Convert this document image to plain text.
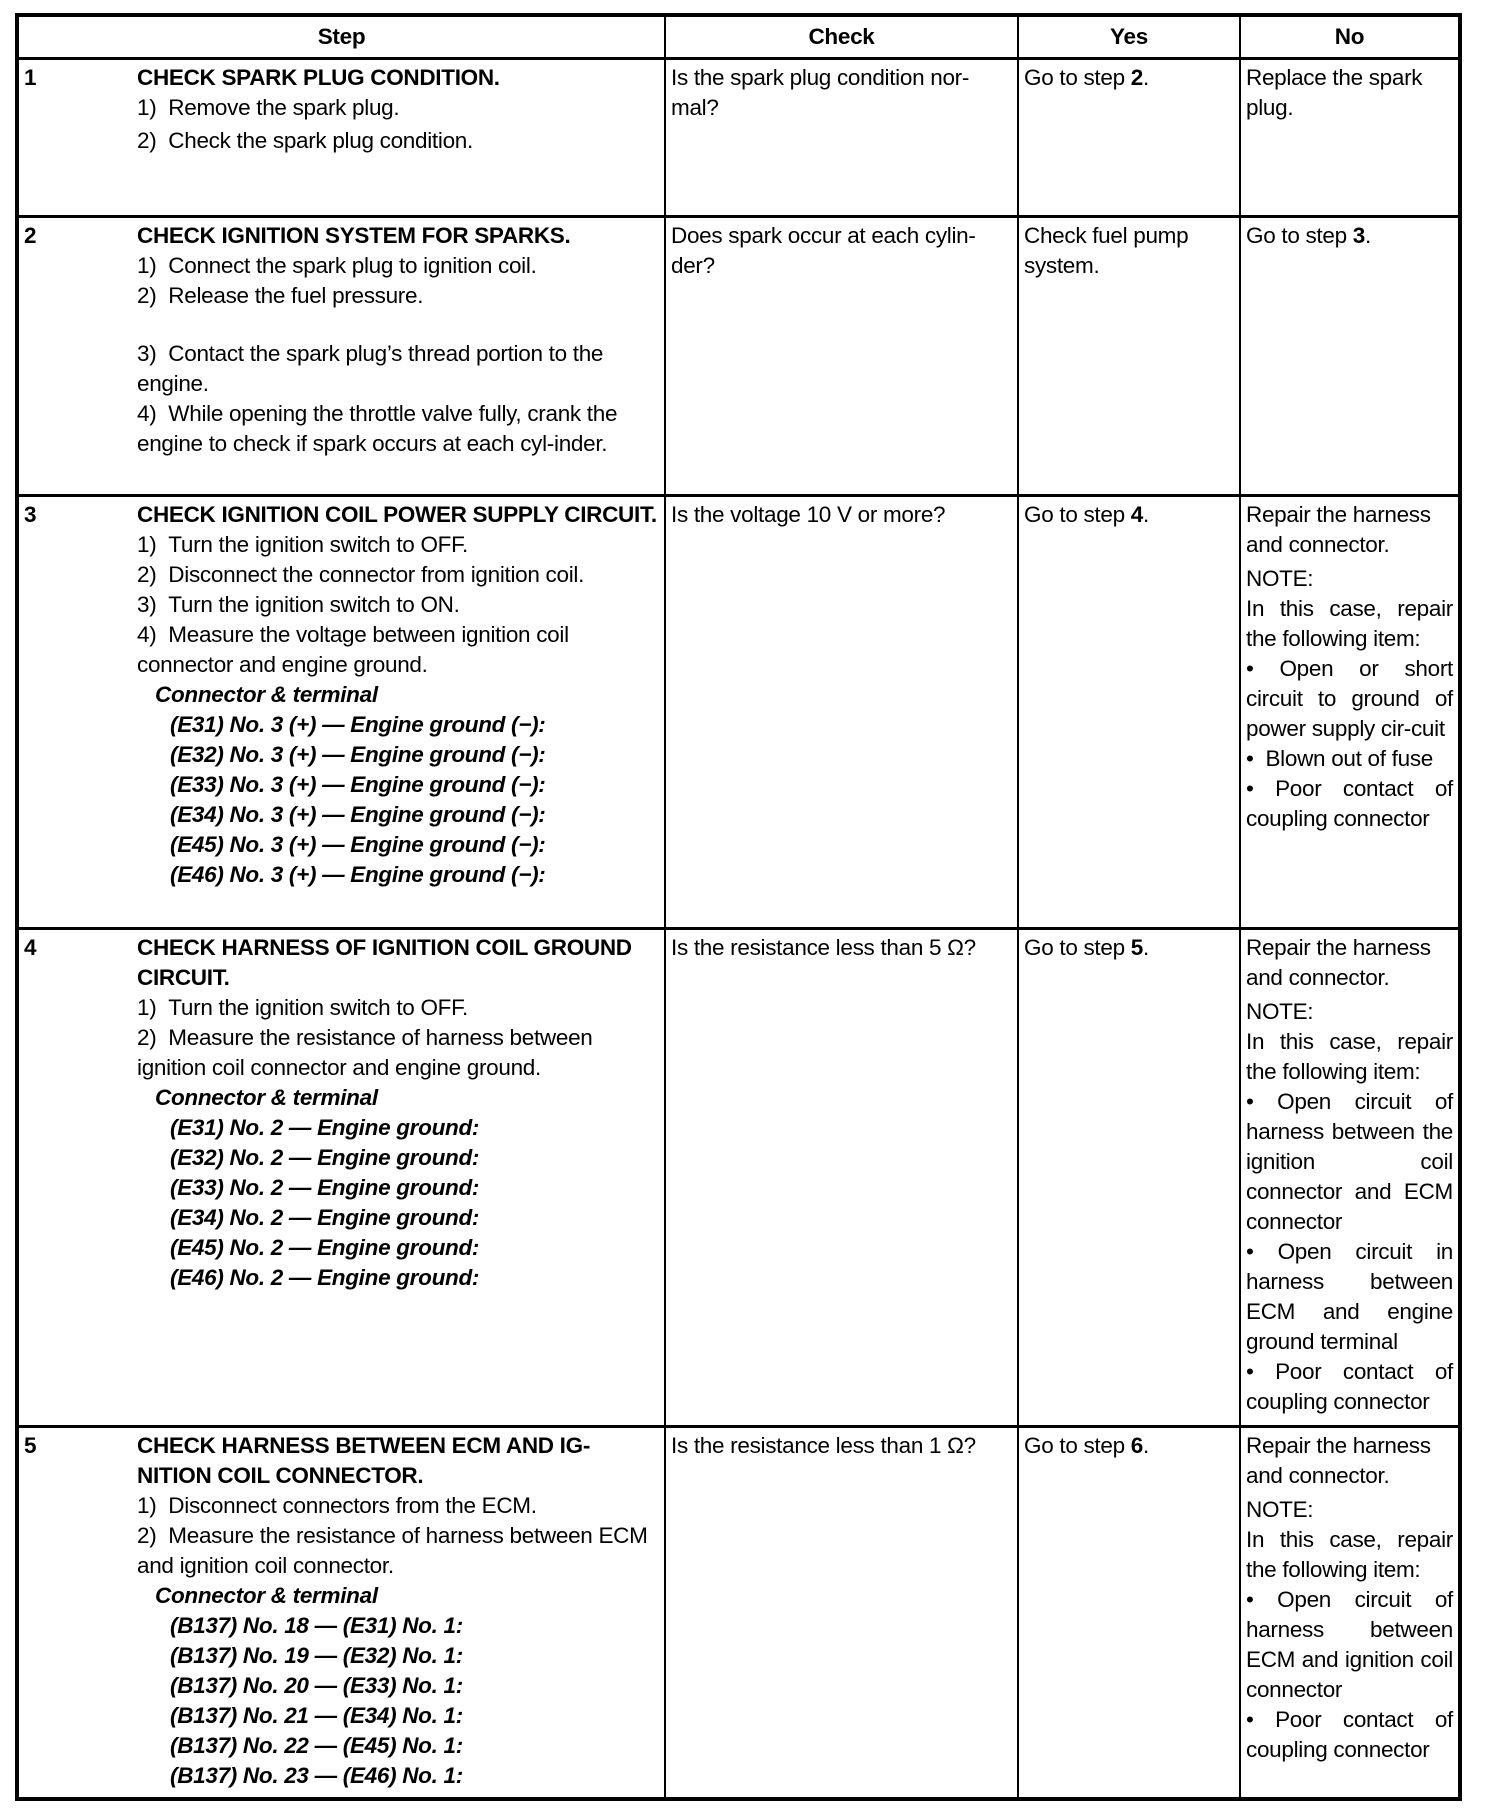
Step	Check	Yes	No

1 CHECK SPARK PLUG CONDITION.
1)  Remove the spark plug.
2)  Check the spark plug condition.	Is the spark plug condition nor-mal?	Go to step 2.	Replace the spark plug.

2	CHECK IGNITION SYSTEM FOR SPARKS.
1)  Connect the spark plug to ignition coil.
2)  Release the fuel pressure.
3)  Contact the spark plug’s thread portion to the engine.
4)  While opening the throttle valve fully, crank the engine to check if spark occurs at each cyl-inder.
	Does spark occur at each cylin-der?	Check fuel pump system.	Go to step 3.

3	CHECK IGNITION COIL POWER SUPPLY CIRCUIT.
1)  Turn the ignition switch to OFF.
2)  Disconnect the connector from ignition coil.
3)  Turn the ignition switch to ON.
4)  Measure the voltage between ignition coil connector and engine ground.
Connector & terminal
(E31) No. 3 (+) — Engine ground (−):
(E32) No. 3 (+) — Engine ground (−):
(E33) No. 3 (+) — Engine ground (−):
(E34) No. 3 (+) — Engine ground (−):
(E45) No. 3 (+) — Engine ground (−):
(E46) No. 3 (+) — Engine ground (−):
	Is the voltage 10 V or more?	Go to step 4.	Repair the harness and connector.
NOTE:
In this case, repair the following item:
• Open or short circuit to ground of power supply cir-cuit
•  Blown out of fuse
• Poor contact of coupling connector

4	CHECK HARNESS OF IGNITION COIL GROUND CIRCUIT.
1)  Turn the ignition switch to OFF.
2)  Measure the resistance of harness between ignition coil connector and engine ground.
Connector & terminal
(E31) No. 2 — Engine ground:
(E32) No. 2 — Engine ground:
(E33) No. 2 — Engine ground:
(E34) No. 2 — Engine ground:
(E45) No. 2 — Engine ground:
(E46) No. 2 — Engine ground:
	Is the resistance less than 5 Ω?	Go to step 5.	Repair the harness and connector.
NOTE:
In this case, repair the following item:
• Open circuit of harness between the ignition coil connector and ECM connector
• Open circuit in harness between ECM and engine ground terminal
• Poor contact of coupling connector

5	CHECK HARNESS BETWEEN ECM AND IG-NITION COIL CONNECTOR.
1)  Disconnect connectors from the ECM.
2)  Measure the resistance of harness between ECM and ignition coil connector.
Connector & terminal
(B137) No. 18 — (E31) No. 1:
(B137) No. 19 — (E32) No. 1:
(B137) No. 20 — (E33) No. 1:
(B137) No. 21 — (E34) No. 1:
(B137) No. 22 — (E45) No. 1:
(B137) No. 23 — (E46) No. 1:
	Is the resistance less than 1 Ω?	Go to step 6.	Repair the harness and connector.
NOTE:
In this case, repair the following item:
• Open circuit of harness between ECM and ignition coil connector
• Poor contact of coupling connector
